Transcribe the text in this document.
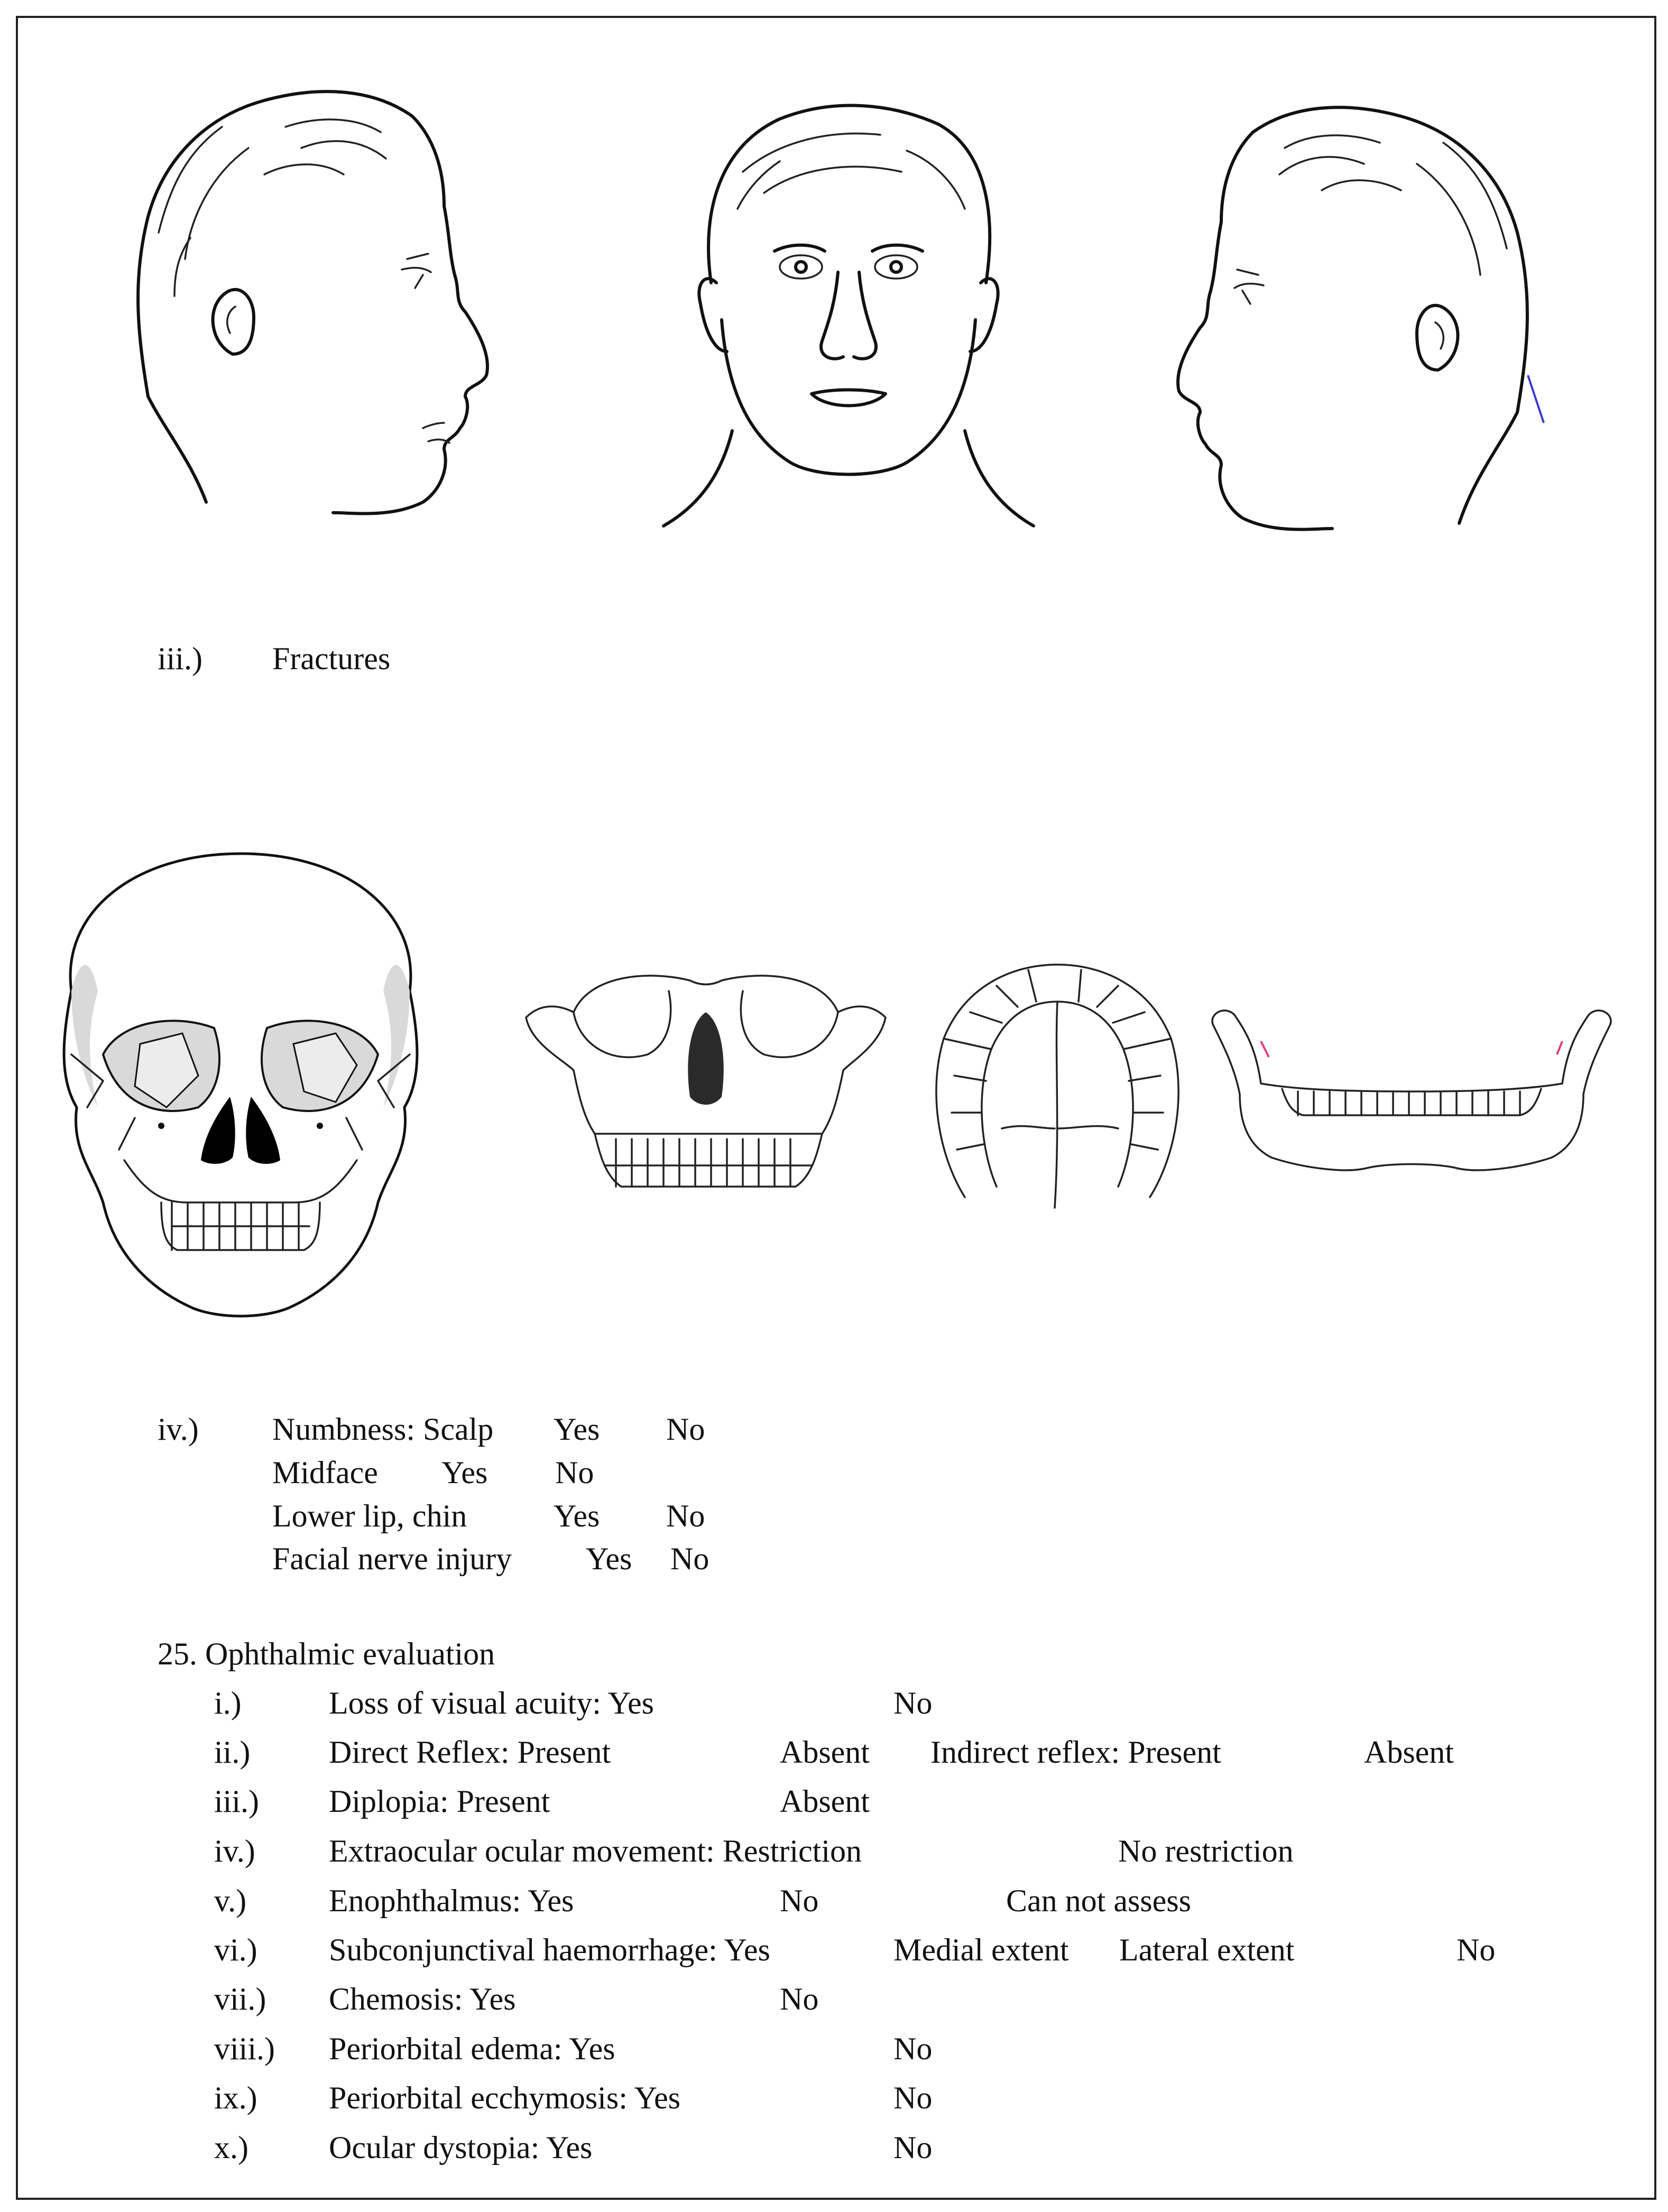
iii.) Fractures
iv.) Numbness: Scalp Yes No
Midface Yes No
Lower lip, chin	Yes No
Facial nerve injury Yes No
25. Ophthalmic evaluation
i.)	Loss of visual acuity: Yes	No
ii.) Direct Reflex: Present	Absent Indirect reflex: Present	Absent
iii.) Diplopia: Present	Absent
iv.) Extraocular ocular movement: Restriction	No restriction
v.)	Enophthalmus: Yes	No	Can not assess
vi.) Subconjunctival haemorrhage: Yes	Medial extent Lateral extent	No
vii.) Chemosis: Yes	No
viii.) Periorbital edema: Yes	No
ix.) Periorbital ecchymosis: Yes	No
x.)	Ocular dystopia: Yes	No
